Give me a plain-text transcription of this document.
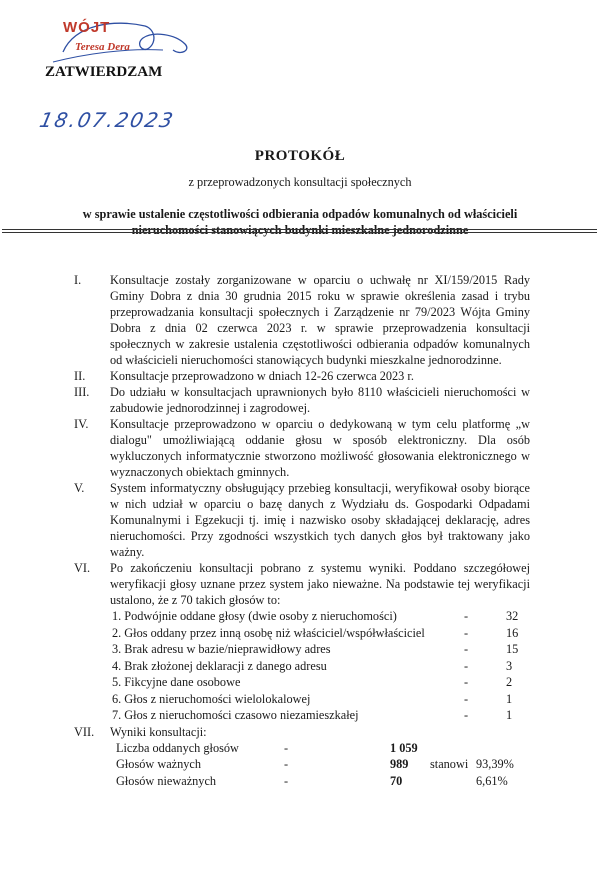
WÓJT
Teresa Dera
ZATWIERDZAM
18.07.2023
PROTOKÓŁ
z przeprowadzonych konsultacji społecznych
w sprawie ustalenie częstotliwości odbierania odpadów komunalnych od właścicieli
nieruchomości stanowiących budynki mieszkalne jednorodzinne
I. Konsultacje zostały zorganizowane w oparciu o uchwałę nr XI/159/2015 Rady Gminy Dobra z dnia 30 grudnia 2015 roku w sprawie określenia zasad i trybu przeprowadzania konsultacji społecznych i Zarządzenie nr 79/2023 Wójta Gminy Dobra z dnia 02 czerwca 2023 r. w sprawie przeprowadzenia konsultacji społecznych w zakresie ustalenia częstotliwości odbierania odpadów komunalnych od właścicieli nieruchomości stanowiących budynki mieszkalne jednorodzinne.
II. Konsultacje przeprowadzono w dniach 12-26 czerwca 2023 r.
III. Do udziału w konsultacjach uprawnionych było 8110 właścicieli nieruchomości w zabudowie jednorodzinnej i zagrodowej.
IV. Konsultacje przeprowadzono w oparciu o dedykowaną w tym celu platformę „w dialogu" umożliwiającą oddanie głosu w sposób elektroniczny. Dla osób wykluczonych informatycznie stworzono możliwość głosowania elektronicznego w wyznaczonych obiektach gminnych.
V. System informatyczny obsługujący przebieg konsultacji, weryfikował osoby biorące w nich udział w oparciu o bazę danych z Wydziału ds. Gospodarki Odpadami Komunalnymi i Egzekucji tj. imię i nazwisko osoby składającej deklarację, adres nieruchomości. Przy zgodności wszystkich tych danych głos był traktowany jako ważny.
VI. Po zakończeniu konsultacji pobrano z systemu wyniki. Poddano szczegółowej weryfikacji głosy uznane przez system jako nieważne. Na podstawie tej weryfikacji ustalono, że z 70 takich głosów to:
1. Podwójnie oddane głosy (dwie osoby z nieruchomości)	-	32
2. Głos oddany przez inną osobę niż właściciel/współwłaściciel	-	16
3. Brak adresu w bazie/nieprawidłowy adres	-	15
4. Brak złożonej deklaracji z danego adresu	-	3
5. Fikcyjne dane osobowe	-	2
6. Głos z nieruchomości wielolokalowej	-	1
7. Głos z nieruchomości czasowo niezamieszkałej	-	1
VII. Wyniki konsultacji:
Liczba oddanych głosów	-	1 059
Głosów ważnych	-	989 stanowi 93,39%
Głosów nieważnych	-	70	6,61%
